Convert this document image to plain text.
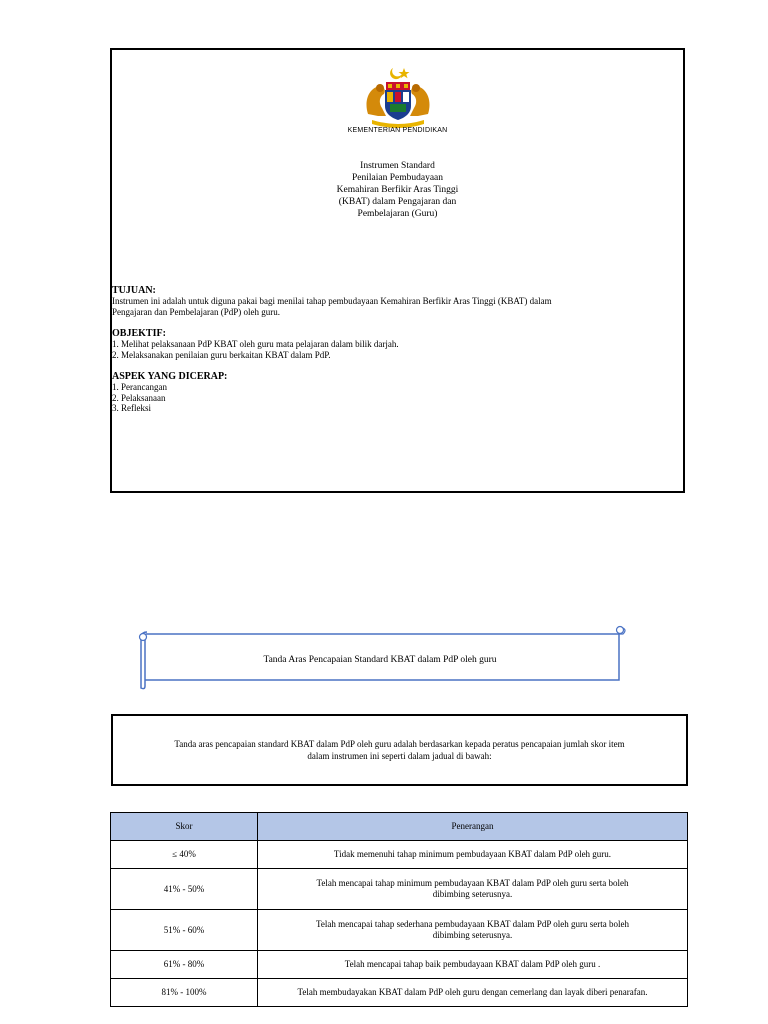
KEMENTERIAN PENDIDIKAN
Instrumen Standard
Penilaian Pembudayaan
Kemahiran Berfikir Aras Tinggi
(KBAT) dalam Pengajaran dan
Pembelajaran (Guru)
TUJUAN:
Instrumen ini adalah untuk diguna pakai bagi menilai tahap pembudayaan Kemahiran Berfikir Aras Tinggi (KBAT) dalam
Pengajaran dan Pembelajaran (PdP) oleh guru.
OBJEKTIF:
1. Melihat pelaksanaan PdP KBAT oleh guru mata pelajaran dalam bilik darjah.
2. Melaksanakan penilaian guru berkaitan KBAT dalam PdP.
ASPEK YANG DICERAP:
1. Perancangan
2. Pelaksanaan
3. Refleksi
Tanda Aras Pencapaian Standard KBAT dalam PdP oleh guru
Tanda aras pencapaian standard KBAT dalam PdP oleh guru adalah berdasarkan kepada peratus pencapaian jumlah skor item
dalam instrumen ini seperti dalam jadual di bawah:
Skor	Penerangan
≤ 40%	Tidak memenuhi tahap minimum pembudayaan KBAT dalam PdP oleh guru.

41% - 50%	Telah mencapai tahap minimum pembudayaan KBAT dalam PdP oleh guru serta boleh
dibimbing seterusnya.

51% - 60%	Telah mencapai tahap sederhana pembudayaan KBAT dalam PdP oleh guru serta boleh
dibimbing seterusnya.

61% - 80%	Telah mencapai tahap baik pembudayaan KBAT dalam PdP oleh guru .

81% - 100%	Telah membudayakan KBAT dalam PdP oleh guru dengan cemerlang dan layak diberi penarafan.
